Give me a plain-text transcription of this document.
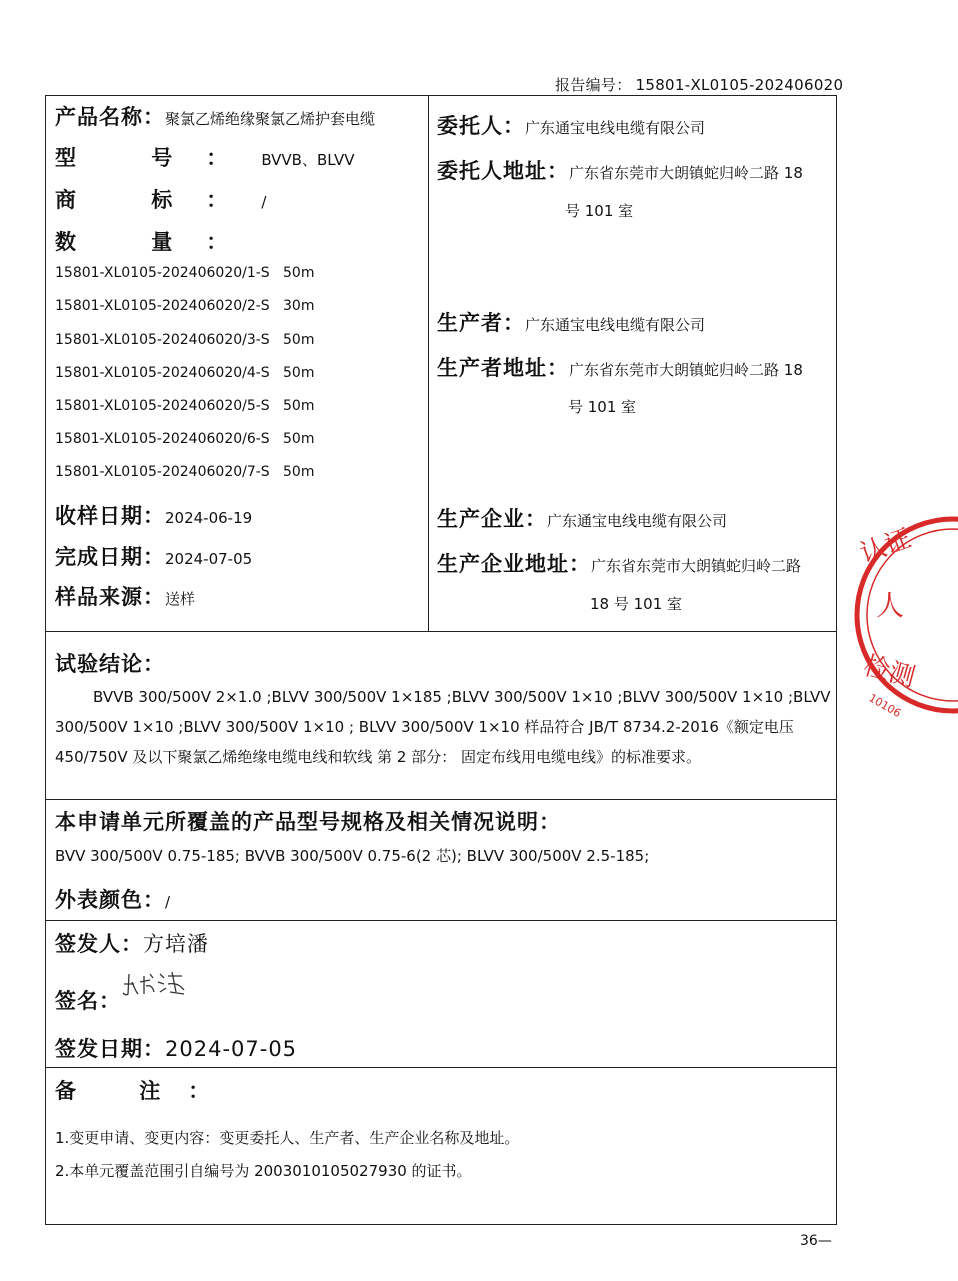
报告编号： 15801-XL0105-202406020
产品名称：聚氯乙烯绝缘聚氯乙烯护套电缆
型 号：BVVB、BLVV
商 标：/
数 量：
15801-XL0105-202406020/1-S 50m
15801-XL0105-202406020/2-S 30m
15801-XL0105-202406020/3-S 50m
15801-XL0105-202406020/4-S 50m
15801-XL0105-202406020/5-S 50m
15801-XL0105-202406020/6-S 50m
15801-XL0105-202406020/7-S 50m
收样日期：2024-06-19
完成日期：2024-07-05
样品来源：送样
委托人：广东通宝电线电缆有限公司
委托人地址：广东省东莞市大朗镇蛇归岭二路 18
号 101 室
生产者：广东通宝电线电缆有限公司
生产者地址：广东省东莞市大朗镇蛇归岭二路 18
号 101 室
生产企业：广东通宝电线电缆有限公司
生产企业地址：广东省东莞市大朗镇蛇归岭二路
18 号 101 室
试验结论：
BVVB 300/500V 2×1.0 ;BLVV 300/500V 1×185 ;BLVV 300/500V 1×10 ;BLVV 300/500V 1×10 ;BLVV
300/500V 1×10 ;BLVV 300/500V 1×10 ; BLVV 300/500V 1×10 样品符合 JB/T 8734.2-2016《额定电压
450/750V 及以下聚氯乙烯绝缘电缆电线和软线 第 2 部分： 固定布线用电缆电线》的标准要求。
本申请单元所覆盖的产品型号规格及相关情况说明：
BVV 300/500V 0.75-185; BVVB 300/500V 0.75-6(2 芯); BLVV 300/500V 2.5-185;
外表颜色：/
签发人：方培潘
签名：
签发日期：2024-07-05
备 注：
1.变更申请、变更内容：变更委托人、生产者、生产企业名称及地址。
2.本单元覆盖范围引自编号为 2003010105027930 的证书。
36—
认证
人
检测
10106
